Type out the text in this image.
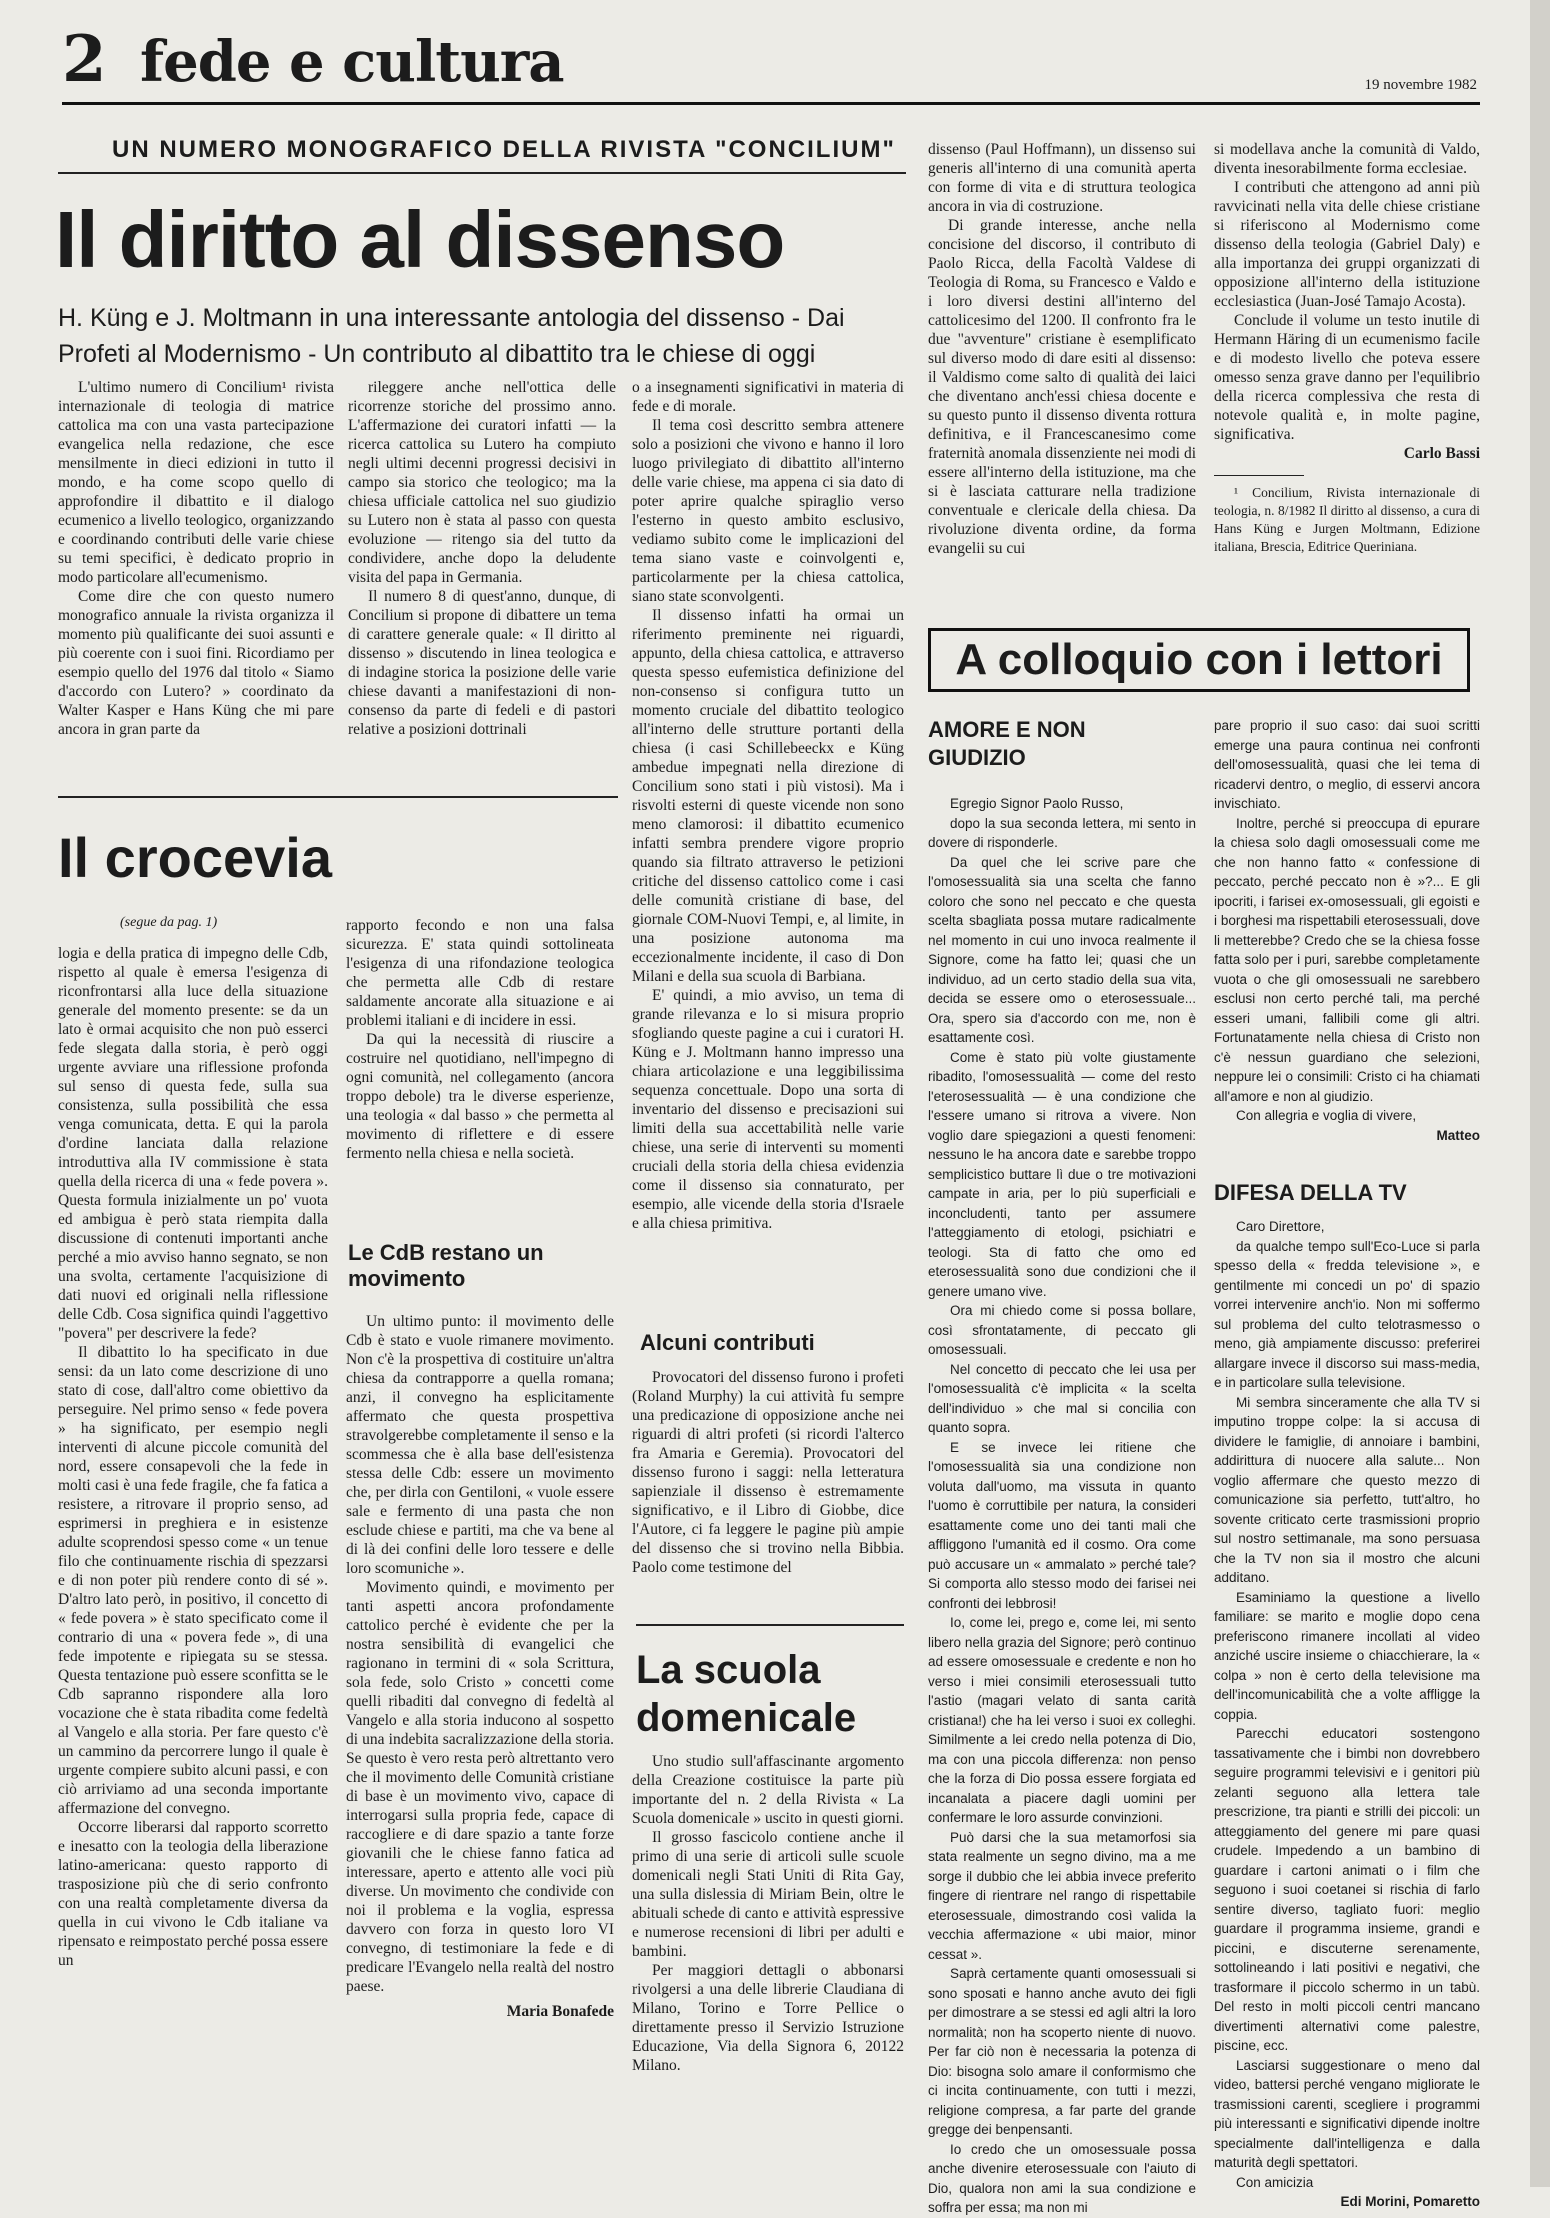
2 fede e cultura	19 novembre 1982
UN NUMERO MONOGRAFICO DELLA RIVISTA "CONCILIUM"
Il diritto al dissenso
H. Küng e J. Moltmann in una interessante antologia del dissenso - Dai Profeti al Modernismo - Un contributo al dibattito tra le chiese di oggi

L'ultimo numero di Concilium¹ rivista internazionale di teologia di matrice cattolica ma con una vasta partecipazione evangelica nella redazione, che esce mensilmente in dieci edizioni in tutto il mondo, e ha come scopo quello di approfondire il dibattito e il dialogo ecumenico a livello teologico, organizzando e coordinando contributi delle varie chiese su temi specifici, è dedicato proprio in modo particolare all'ecumenismo.

Come dire che con questo numero monografico annuale la rivista organizza il momento più qualificante dei suoi assunti e più coerente con i suoi fini. Ricordiamo per esempio quello del 1976 dal titolo « Siamo d'accordo con Lutero? » coordinato da Walter Kasper e Hans Küng che mi pare ancora in gran parte da

rileggere anche nell'ottica delle ricorrenze storiche del prossimo anno. L'affermazione dei curatori infatti — la ricerca cattolica su Lutero ha compiuto negli ultimi decenni progressi decisivi in campo sia storico che teologico; ma la chiesa ufficiale cattolica nel suo giudizio su Lutero non è stata al passo con questa evoluzione — ritengo sia del tutto da condividere, anche dopo la deludente visita del papa in Germania.

Il numero 8 di quest'anno, dunque, di Concilium si propone di dibattere un tema di carattere generale quale: « Il diritto al dissenso » discutendo in linea teologica e di indagine storica la posizione delle varie chiese davanti a manifestazioni di non-consenso da parte di fedeli e di pastori relative a posizioni dottrinali

o a insegnamenti significativi in materia di fede e di morale.

Il tema così descritto sembra attenere solo a posizioni che vivono e hanno il loro luogo privilegiato di dibattito all'interno delle varie chiese, ma appena ci sia dato di poter aprire qualche spiraglio verso l'esterno in questo ambito esclusivo, vediamo subito come le implicazioni del tema siano vaste e coinvolgenti e, particolarmente per la chiesa cattolica, siano state sconvolgenti.

Il dissenso infatti ha ormai un riferimento preminente nei riguardi, appunto, della chiesa cattolica, e attraverso questa spesso eufemistica definizione del non-consenso si configura tutto un momento cruciale del dibattito teologico all'interno delle strutture portanti della chiesa (i casi Schillebeeckx e Küng ambedue impegnati nella direzione di Concilium sono stati i più vistosi). Ma i risvolti esterni di queste vicende non sono meno clamorosi: il dibattito ecumenico infatti sembra prendere vigore proprio quando sia filtrato attraverso le petizioni critiche del dissenso cattolico come i casi delle comunità cristiane di base, del giornale COM-Nuovi Tempi, e, al limite, in una posizione autonoma ma eccezionalmente incidente, il caso di Don Milani e della sua scuola di Barbiana.

E' quindi, a mio avviso, un tema di grande rilevanza e lo si misura proprio sfogliando queste pagine a cui i curatori H. Küng e J. Moltmann hanno impresso una chiara articolazione e una leggibilissima sequenza concettuale. Dopo una sorta di inventario del dissenso e precisazioni sui limiti della sua accettabilità nelle varie chiese, una serie di interventi su momenti cruciali della storia della chiesa evidenzia come il dissenso sia connaturato, per esempio, alle vicende della storia d'Israele e alla chiesa primitiva.

Alcuni contributi

Provocatori del dissenso furono i profeti (Roland Murphy) la cui attività fu sempre una predicazione di opposizione anche nei riguardi di altri profeti (si ricordi l'alterco fra Amaria e Geremia). Provocatori del dissenso furono i saggi: nella letteratura sapienziale il dissenso è estremamente significativo, e il Libro di Giobbe, dice l'Autore, ci fa leggere le pagine più ampie del dissenso che si trovino nella Bibbia. Paolo come testimone del

dissenso (Paul Hoffmann), un dissenso sui generis all'interno di una comunità aperta con forme di vita e di struttura teologica ancora in via di costruzione.

Di grande interesse, anche nella concisione del discorso, il contributo di Paolo Ricca, della Facoltà Valdese di Teologia di Roma, su Francesco e Valdo e i loro diversi destini all'interno del cattolicesimo del 1200. Il confronto fra le due "avventure" cristiane è esemplificato sul diverso modo di dare esiti al dissenso: il Valdismo come salto di qualità dei laici che diventano anch'essi chiesa docente e su questo punto il dissenso diventa rottura definitiva, e il Francescanesimo come fraternità anomala dissenziente nei modi di essere all'interno della istituzione, ma che si è lasciata catturare nella tradizione conventuale e clericale della chiesa. Da rivoluzione diventa ordine, da forma evangelii su cui

si modellava anche la comunità di Valdo, diventa inesorabilmente forma ecclesiae.

I contributi che attengono ad anni più ravvicinati nella vita delle chiese cristiane si riferiscono al Modernismo come dissenso della teologia (Gabriel Daly) e alla importanza dei gruppi organizzati di opposizione all'interno della istituzione ecclesiastica (Juan-José Tamajo Acosta).

Conclude il volume un testo inutile di Hermann Häring di un ecumenismo facile e di modesto livello che poteva essere omesso senza grave danno per l'equilibrio della ricerca complessiva che resta di notevole qualità e, in molte pagine, significativa.

Carlo Bassi

¹ Concilium, Rivista internazionale di teologia, n. 8/1982 Il diritto al dissenso, a cura di Hans Küng e Jurgen Moltmann, Edizione italiana, Brescia, Editrice Queriniana.

Il crocevia
(segue da pag. 1)

logia e della pratica di impegno delle Cdb, rispetto al quale è emersa l'esigenza di riconfrontarsi alla luce della situazione generale del momento presente: se da un lato è ormai acquisito che non può esserci fede slegata dalla storia, è però oggi urgente avviare una riflessione profonda sul senso di questa fede, sulla sua consistenza, sulla possibilità che essa venga comunicata, detta. E qui la parola d'ordine lanciata dalla relazione introduttiva alla IV commissione è stata quella della ricerca di una « fede povera ». Questa formula inizialmente un po' vuota ed ambigua è però stata riempita dalla discussione di contenuti importanti anche perché a mio avviso hanno segnato, se non una svolta, certamente l'acquisizione di dati nuovi ed originali nella riflessione delle Cdb. Cosa significa quindi l'aggettivo "povera" per descrivere la fede?

Il dibattito lo ha specificato in due sensi: da un lato come descrizione di uno stato di cose, dall'altro come obiettivo da perseguire. Nel primo senso « fede povera » ha significato, per esempio negli interventi di alcune piccole comunità del nord, essere consapevoli che la fede in molti casi è una fede fragile, che fa fatica a resistere, a ritrovare il proprio senso, ad esprimersi in preghiera e in esistenze adulte scoprendosi spesso come « un tenue filo che continuamente rischia di spezzarsi e di non poter più rendere conto di sé ». D'altro lato però, in positivo, il concetto di « fede povera » è stato specificato come il contrario di una « povera fede », di una fede impotente e ripiegata su se stessa. Questa tentazione può essere sconfitta se le Cdb sapranno rispondere alla loro vocazione che è stata ribadita come fedeltà al Vangelo e alla storia. Per fare questo c'è un cammino da percorrere lungo il quale è urgente compiere subito alcuni passi, e con ciò arriviamo ad una seconda importante affermazione del convegno.

Occorre liberarsi dal rapporto scorretto e inesatto con la teologia della liberazione latino-americana: questo rapporto di trasposizione più che di serio confronto con una realtà completamente diversa da quella in cui vivono le Cdb italiane va ripensato e reimpostato perché possa essere un

rapporto fecondo e non una falsa sicurezza. E' stata quindi sottolineata l'esigenza di una rifondazione teologica che permetta alle Cdb di restare saldamente ancorate alla situazione e ai problemi italiani e di incidere in essi.

Da qui la necessità di riuscire a costruire nel quotidiano, nell'impegno di ogni comunità, nel collegamento (ancora troppo debole) tra le diverse esperienze, una teologia « dal basso » che permetta al movimento di riflettere e di essere fermento nella chiesa e nella società.

Le CdB restano un movimento

Un ultimo punto: il movimento delle Cdb è stato e vuole rimanere movimento. Non c'è la prospettiva di costituire un'altra chiesa da contrapporre a quella romana; anzi, il convegno ha esplicitamente affermato che questa prospettiva stravolgerebbe completamente il senso e la scommessa che è alla base dell'esistenza stessa delle Cdb: essere un movimento che, per dirla con Gentiloni, « vuole essere sale e fermento di una pasta che non esclude chiese e partiti, ma che va bene al di là dei confini delle loro tessere e delle loro scomuniche ».

Movimento quindi, e movimento per tanti aspetti ancora profondamente cattolico perché è evidente che per la nostra sensibilità di evangelici che ragionano in termini di « sola Scrittura, sola fede, solo Cristo » concetti come quelli ribaditi dal convegno di fedeltà al Vangelo e alla storia inducono al sospetto di una indebita sacralizzazione della storia. Se questo è vero resta però altrettanto vero che il movimento delle Comunità cristiane di base è un movimento vivo, capace di interrogarsi sulla propria fede, capace di raccogliere e di dare spazio a tante forze giovanili che le chiese fanno fatica ad interessare, aperto e attento alle voci più diverse. Un movimento che condivide con noi il problema e la voglia, espressa davvero con forza in questo loro VI convegno, di testimoniare la fede e di predicare l'Evangelo nella realtà del nostro paese.

Maria Bonafede
La scuola domenicale

Uno studio sull'affascinante argomento della Creazione costituisce la parte più importante del n. 2 della Rivista « La Scuola domenicale » uscito in questi giorni.

Il grosso fascicolo contiene anche il primo di una serie di articoli sulle scuole domenicali negli Stati Uniti di Rita Gay, una sulla dislessia di Miriam Bein, oltre le abituali schede di canto e attività espressive e numerose recensioni di libri per adulti e bambini.

Per maggiori dettagli o abbonarsi rivolgersi a una delle librerie Claudiana di Milano, Torino e Torre Pellice o direttamente presso il Servizio Istruzione Educazione, Via della Signora 6, 20122 Milano.

A colloquio con i lettori
AMORE E NON GIUDIZIO

Egregio Signor Paolo Russo,

dopo la sua seconda lettera, mi sento in dovere di risponderle.

Da quel che lei scrive pare che l'omosessualità sia una scelta che fanno coloro che sono nel peccato e che questa scelta sbagliata possa mutare radicalmente nel momento in cui uno invoca realmente il Signore, come ha fatto lei; quasi che un individuo, ad un certo stadio della sua vita, decida se essere omo o eterosessuale... Ora, spero sia d'accordo con me, non è esattamente così.

Come è stato più volte giustamente ribadito, l'omosessualità — come del resto l'eterosessualità — è una condizione che l'essere umano si ritrova a vivere. Non voglio dare spiegazioni a questi fenomeni: nessuno le ha ancora date e sarebbe troppo semplicistico buttare lì due o tre motivazioni campate in aria, per lo più superficiali e inconcludenti, tanto per assumere l'atteggiamento di etologi, psichiatri e teologi. Sta di fatto che omo ed eterosessualità sono due condizioni che il genere umano vive.

Ora mi chiedo come si possa bollare, così sfrontatamente, di peccato gli omosessuali.

Nel concetto di peccato che lei usa per l'omosessualità c'è implicita « la scelta dell'individuo » che mal si concilia con quanto sopra.

E se invece lei ritiene che l'omosessualità sia una condizione non voluta dall'uomo, ma vissuta in quanto l'uomo è corruttibile per natura, la consideri esattamente come uno dei tanti mali che affliggono l'umanità ed il cosmo. Ora come può accusare un « ammalato » perché tale? Si comporta allo stesso modo dei farisei nei confronti dei lebbrosi!

Io, come lei, prego e, come lei, mi sento libero nella grazia del Signore; però continuo ad essere omosessuale e credente e non ho verso i miei consimili eterosessuali tutto l'astio (magari velato di santa carità cristiana!) che ha lei verso i suoi ex colleghi. Similmente a lei credo nella potenza di Dio, ma con una piccola differenza: non penso che la forza di Dio possa essere forgiata ed incanalata a piacere dagli uomini per confermare le loro assurde convinzioni.

Può darsi che la sua metamorfosi sia stata realmente un segno divino, ma a me sorge il dubbio che lei abbia invece preferito fingere di rientrare nel rango di rispettabile eterosessuale, dimostrando così valida la vecchia affermazione « ubi maior, minor cessat ».

Saprà certamente quanti omosessuali si sono sposati e hanno anche avuto dei figli per dimostrare a se stessi ed agli altri la loro normalità; non ha scoperto niente di nuovo. Per far ciò non è necessaria la potenza di Dio: bisogna solo amare il conformismo che ci incita continuamente, con tutti i mezzi, religione compresa, a far parte del grande gregge dei benpensanti.

Io credo che un omosessuale possa anche divenire eterosessuale con l'aiuto di Dio, qualora non ami la sua condizione e soffra per essa; ma non mi

pare proprio il suo caso: dai suoi scritti emerge una paura continua nei confronti dell'omosessualità, quasi che lei tema di ricadervi dentro, o meglio, di esservi ancora invischiato.

Inoltre, perché si preoccupa di epurare la chiesa solo dagli omosessuali come me che non hanno fatto « confessione di peccato, perché peccato non è »?... E gli ipocriti, i farisei ex-omosessuali, gli egoisti e i borghesi ma rispettabili eterosessuali, dove li metterebbe? Credo che se la chiesa fosse fatta solo per i puri, sarebbe completamente vuota o che gli omosessuali ne sarebbero esclusi non certo perché tali, ma perché esseri umani, fallibili come gli altri. Fortunatamente nella chiesa di Cristo non c'è nessun guardiano che selezioni, neppure lei o consimili: Cristo ci ha chiamati all'amore e non al giudizio.

Con allegria e voglia di vivere,

Matteo
DIFESA DELLA TV

Caro Direttore,

da qualche tempo sull'Eco-Luce si parla spesso della « fredda televisione », e gentilmente mi concedi un po' di spazio vorrei intervenire anch'io. Non mi soffermo sul problema del culto telotrasmesso o meno, già ampiamente discusso: preferirei allargare invece il discorso sui mass-media, e in particolare sulla televisione.

Mi sembra sinceramente che alla TV si imputino troppe colpe: la si accusa di dividere le famiglie, di annoiare i bambini, addirittura di nuocere alla salute... Non voglio affermare che questo mezzo di comunicazione sia perfetto, tutt'altro, ho sovente criticato certe trasmissioni proprio sul nostro settimanale, ma sono persuasa che la TV non sia il mostro che alcuni additano.

Esaminiamo la questione a livello familiare: se marito e moglie dopo cena preferiscono rimanere incollati al video anziché uscire insieme o chiacchierare, la « colpa » non è certo della televisione ma dell'incomunicabilità che a volte affligge la coppia.

Parecchi educatori sostengono tassativamente che i bimbi non dovrebbero seguire programmi televisivi e i genitori più zelanti seguono alla lettera tale prescrizione, tra pianti e strilli dei piccoli: un atteggiamento del genere mi pare quasi crudele. Impedendo a un bambino di guardare i cartoni animati o i film che seguono i suoi coetanei si rischia di farlo sentire diverso, tagliato fuori: meglio guardare il programma insieme, grandi e piccini, e discuterne serenamente, sottolineando i lati positivi e negativi, che trasformare il piccolo schermo in un tabù. Del resto in molti piccoli centri mancano divertimenti alternativi come palestre, piscine, ecc.

Lasciarsi suggestionare o meno dal video, battersi perché vengano migliorate le trasmissioni carenti, scegliere i programmi più interessanti e significativi dipende inoltre specialmente dall'intelligenza e dalla maturità degli spettatori.

Con amicizia

Edi Morini, Pomaretto
